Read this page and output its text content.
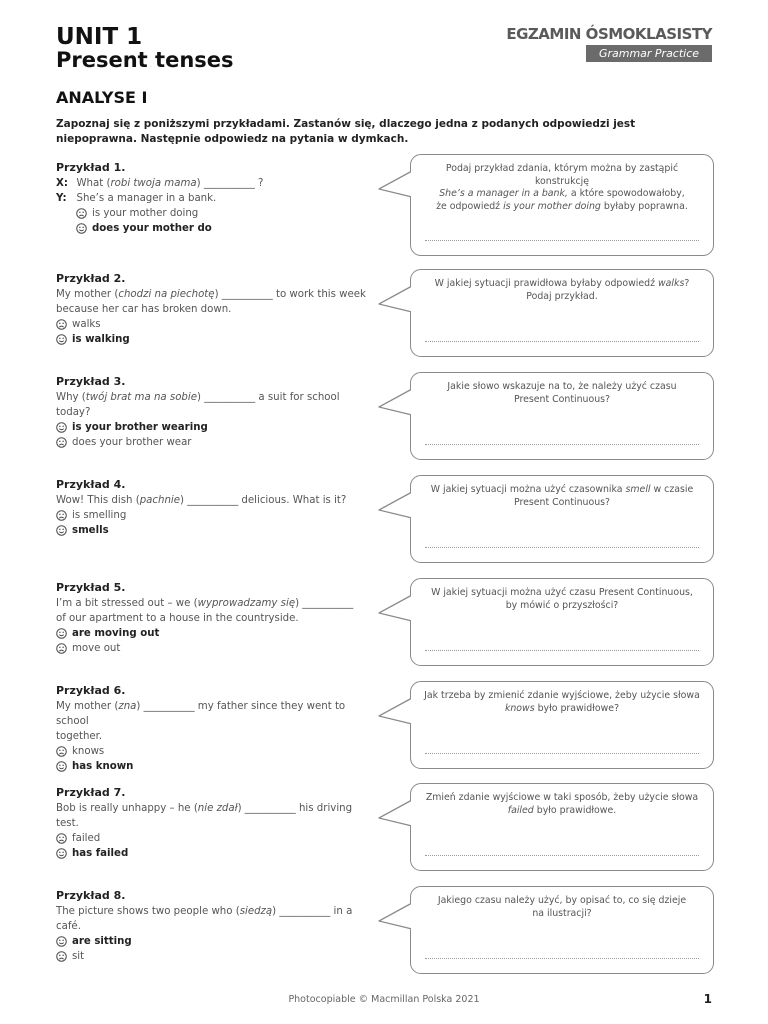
UNIT 1
Present tenses
EGZAMIN ÓSMOKLASISTY
Grammar Practice
ANALYSE I
Zapoznaj się z poniższymi przykładami. Zastanów się, dlaczego jedna z podanych odpowiedzi jest niepoprawna. Następnie odpowiedz na pytania w dymkach.
Przykład 1.
X:
What (robi twoja mama) __________ ?
Y:
She’s a manager in a bank.
is your mother doing
does your mother do
Podaj przykład zdania, którym można by zastąpić konstrukcję
She’s a manager in a bank, a które spowodowałoby,
że odpowiedź is your mother doing byłaby poprawna.
Przykład 2.
My mother (chodzi na piechotę) __________ to work this week
because her car has broken down.
walks
is walking
W jakiej sytuacji prawidłowa byłaby odpowiedź walks?
Podaj przykład.
Przykład 3.
Why (twój brat ma na sobie) __________ a suit for school today?
is your brother wearing
does your brother wear
Jakie słowo wskazuje na to, że należy użyć czasu
Present Continuous?
Przykład 4.
Wow! This dish (pachnie) __________ delicious. What is it?
is smelling
smells
W jakiej sytuacji można użyć czasownika smell w czasie
Present Continuous?
Przykład 5.
I’m a bit stressed out – we (wyprowadzamy się) __________
of our apartment to a house in the countryside.
are moving out
move out
W jakiej sytuacji można użyć czasu Present Continuous,
by mówić o przyszłości?
Przykład 6.
My mother (zna) __________ my father since they went to school
together.
knows
has known
Jak trzeba by zmienić zdanie wyjściowe, żeby użycie słowa
knows było prawidłowe?
Przykład 7.
Bob is really unhappy – he (nie zdał) __________ his driving test.
failed
has failed
Zmień zdanie wyjściowe w taki sposób, żeby użycie słowa
failed było prawidłowe.
Przykład 8.
The picture shows two people who (siedzą) __________ in a café.
are sitting
sit
Jakiego czasu należy użyć, by opisać to, co się dzieje
na ilustracji?
Photocopiable © Macmillan Polska 2021	1
